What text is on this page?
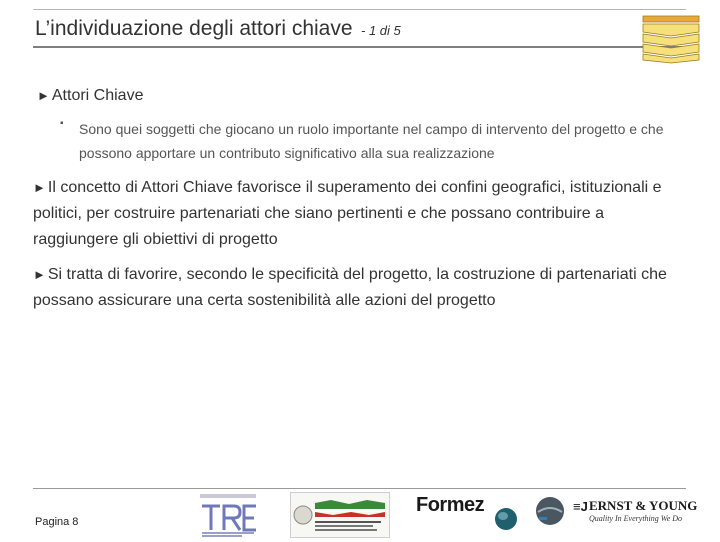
L’individuazione degli attori chiave - 1 di 5
► Attori Chiave
▪ Sono quei soggetti che giocano un ruolo importante nel campo di intervento del progetto e che possono apportare un contributo significativo alla sua realizzazione
► Il concetto di Attori Chiave favorisce il superamento dei confini geografici, istituzionali e politici, per costruire partenariati che siano pertinenti e che possano contribuire a raggiungere gli obiettivi di progetto
► Si tratta di favorire, secondo le specificità del progetto, la costruzione di partenariati che possano assicurare una certa sostenibilità alle azioni del progetto
Pagina 8
Formez	≡J ERNST & YOUNG
Quality In Everything We Do
